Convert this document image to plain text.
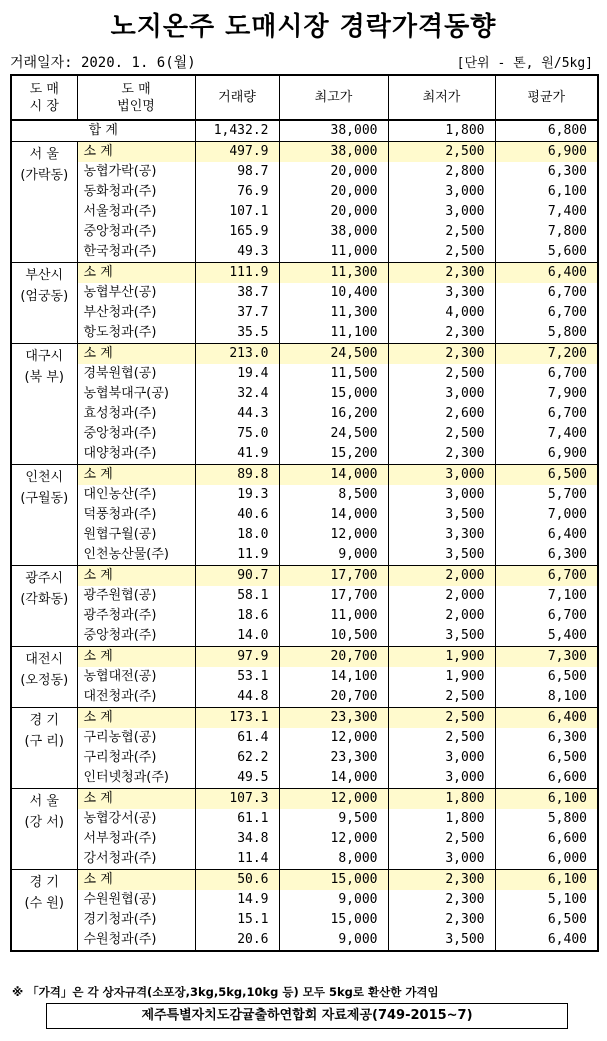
노지온주 도매시장 경락가격동향
거래일자: 2020. 1. 6(월)	[단위 - 톤, 원/5kg]
도 매
시 장	도 매
법인명	거래량	최고가	최저가	평균가
합 계		1,432.2	38,000	1,800	6,800
서 울
(가락동)	소 계	497.9	38,000	2,500	6,900
	농협가락(공)	98.7	20,000	2,800	6,300
	동화청과(주)	76.9	20,000	3,000	6,100
	서울청과(주)	107.1	20,000	3,000	7,400
	중앙청과(주)	165.9	38,000	2,500	7,800
	한국청과(주)	49.3	11,000	2,500	5,600
부산시
(엄궁동)	소 계	111.9	11,300	2,300	6,400
	농협부산(공)	38.7	10,400	3,300	6,700
	부산청과(주)	37.7	11,300	4,000	6,700
	항도청과(주)	35.5	11,100	2,300	5,800
대구시
(북 부)	소 계	213.0	24,500	2,300	7,200
	경북원협(공)	19.4	11,500	2,500	6,700
	농협북대구(공)	32.4	15,000	3,000	7,900
	효성청과(주)	44.3	16,200	2,600	6,700
	중앙청과(주)	75.0	24,500	2,500	7,400
	대양청과(주)	41.9	15,200	2,300	6,900
인천시
(구월동)	소 계	89.8	14,000	3,000	6,500
	대인농산(주)	19.3	8,500	3,000	5,700
	덕풍청과(주)	40.6	14,000	3,500	7,000
	원협구월(공)	18.0	12,000	3,300	6,400
	인천농산물(주)	11.9	9,000	3,500	6,300
광주시
(각화동)	소 계	90.7	17,700	2,000	6,700
	광주원협(공)	58.1	17,700	2,000	7,100
	광주청과(주)	18.6	11,000	2,000	6,700
	중앙청과(주)	14.0	10,500	3,500	5,400
대전시
(오정동)	소 계	97.9	20,700	1,900	7,300
	농협대전(공)	53.1	14,100	1,900	6,500
	대전청과(주)	44.8	20,700	2,500	8,100
경 기
(구 리)	소 계	173.1	23,300	2,500	6,400
	구리농협(공)	61.4	12,000	2,500	6,300
	구리청과(주)	62.2	23,300	3,000	6,500
	인터넷청과(주)	49.5	14,000	3,000	6,600
서 울
(강 서)	소 계	107.3	12,000	1,800	6,100
	농협강서(공)	61.1	9,500	1,800	5,800
	서부청과(주)	34.8	12,000	2,500	6,600
	강서청과(주)	11.4	8,000	3,000	6,000
경 기
(수 원)	소 계	50.6	15,000	2,300	6,100
	수원원협(공)	14.9	9,000	2,300	5,100
	경기청과(주)	15.1	15,000	2,300	6,500
	수원청과(주)	20.6	9,000	3,500	6,400
※ 「가격」은 각 상자규격(소포장,3kg,5kg,10kg 등) 모두 5kg로 환산한 가격임
제주특별자치도감귤출하연합회 자료제공(749-2015~7)
